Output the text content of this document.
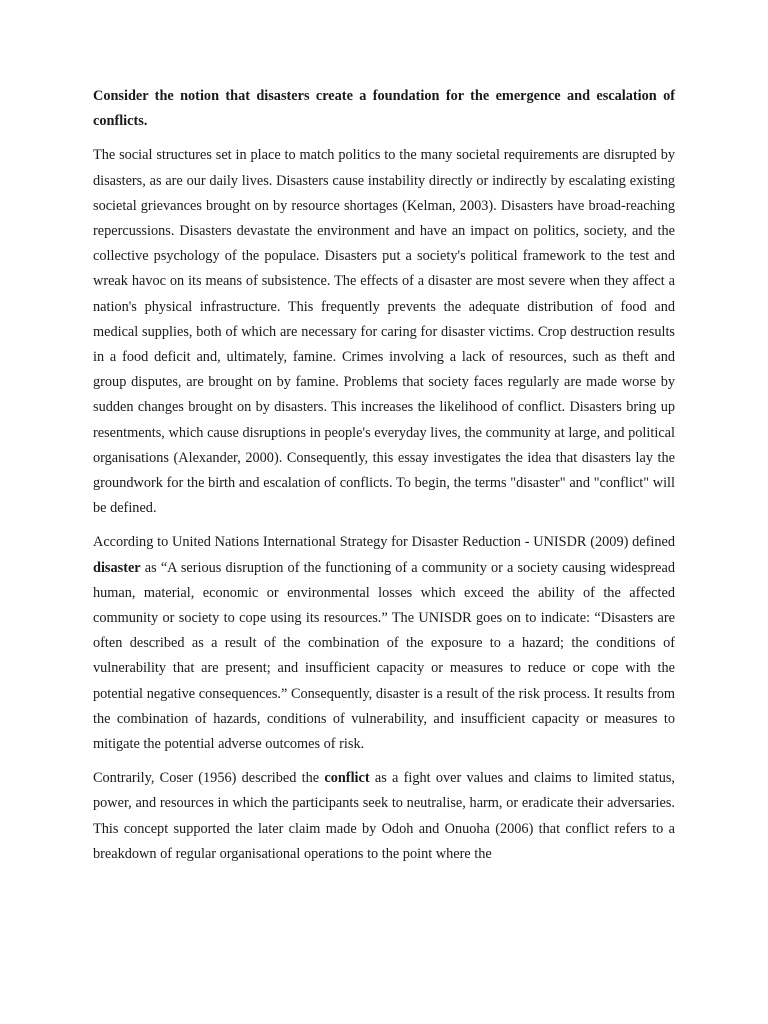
Consider the notion that disasters create a foundation for the emergence and escalation of conflicts.

The social structures set in place to match politics to the many societal requirements are disrupted by disasters, as are our daily lives. Disasters cause instability directly or indirectly by escalating existing societal grievances brought on by resource shortages (Kelman, 2003). Disasters have broad-reaching repercussions. Disasters devastate the environment and have an impact on politics, society, and the collective psychology of the populace. Disasters put a society's political framework to the test and wreak havoc on its means of subsistence. The effects of a disaster are most severe when they affect a nation's physical infrastructure. This frequently prevents the adequate distribution of food and medical supplies, both of which are necessary for caring for disaster victims. Crop destruction results in a food deficit and, ultimately, famine. Crimes involving a lack of resources, such as theft and group disputes, are brought on by famine. Problems that society faces regularly are made worse by sudden changes brought on by disasters. This increases the likelihood of conflict. Disasters bring up resentments, which cause disruptions in people's everyday lives, the community at large, and political organisations (Alexander, 2000). Consequently, this essay investigates the idea that disasters lay the groundwork for the birth and escalation of conflicts. To begin, the terms "disaster" and "conflict" will be defined.

According to United Nations International Strategy for Disaster Reduction - UNISDR (2009) defined disaster as “A serious disruption of the functioning of a community or a society causing widespread human, material, economic or environmental losses which exceed the ability of the affected community or society to cope using its resources.” The UNISDR goes on to indicate: “Disasters are often described as a result of the combination of the exposure to a hazard; the conditions of vulnerability that are present; and insufficient capacity or measures to reduce or cope with the potential negative consequences.” Consequently, disaster is a result of the risk process. It results from the combination of hazards, conditions of vulnerability, and insufficient capacity or measures to mitigate the potential adverse outcomes of risk.

Contrarily, Coser (1956) described the conflict as a fight over values and claims to limited status, power, and resources in which the participants seek to neutralise, harm, or eradicate their adversaries. This concept supported the later claim made by Odoh and Onuoha (2006) that conflict refers to a breakdown of regular organisational operations to the point where the
